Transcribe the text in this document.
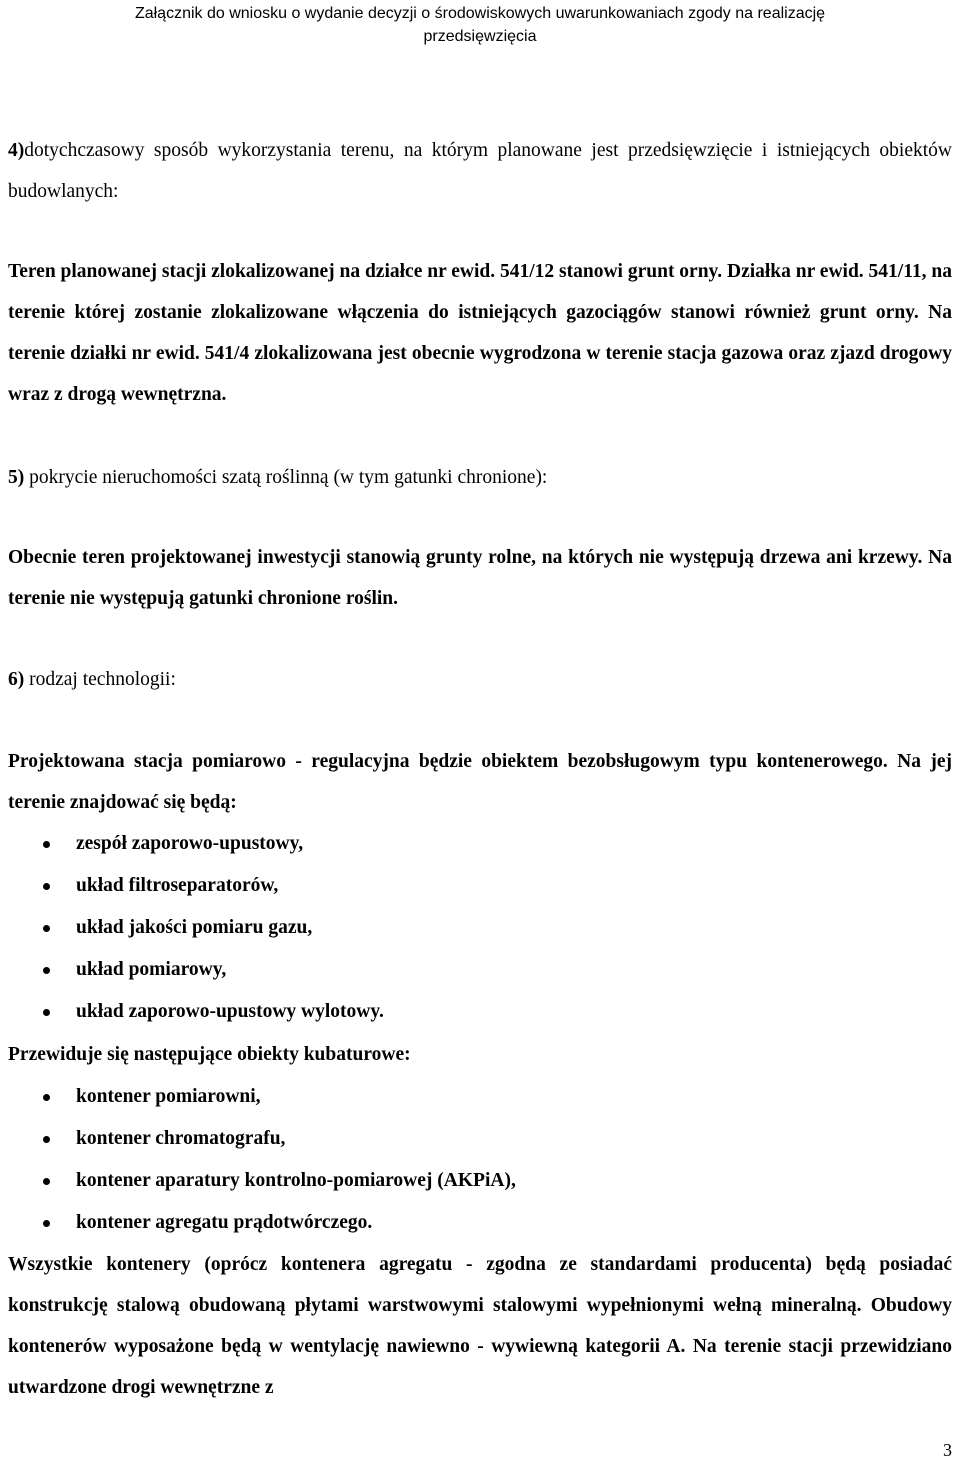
Załącznik do wniosku o wydanie decyzji o środowiskowych uwarunkowaniach zgody na realizację
przedsięwzięcia

4)dotychczasowy sposób wykorzystania terenu, na którym planowane jest przedsięwzięcie i istniejących obiektów budowlanych:

Teren planowanej stacji zlokalizowanej na działce nr ewid. 541/12 stanowi grunt orny. Działka nr ewid. 541/11, na terenie której zostanie zlokalizowane włączenia do istniejących gazociągów stanowi również grunt orny. Na terenie działki nr ewid. 541/4 zlokalizowana jest obecnie wygrodzona w terenie stacja gazowa oraz zjazd drogowy wraz z drogą wewnętrzna.

5) pokrycie nieruchomości szatą roślinną (w tym gatunki chronione):

Obecnie teren projektowanej inwestycji stanowią grunty rolne, na których nie występują drzewa ani krzewy. Na terenie nie występują gatunki chronione roślin.

6) rodzaj technologii:

Projektowana stacja pomiarowo - regulacyjna będzie obiektem bezobsługowym typu kontenerowego. Na jej terenie znajdować się będą:

zespół zaporowo-upustowy,
układ filtroseparatorów,
układ jakości pomiaru gazu,
układ pomiarowy,
układ zaporowo-upustowy wylotowy.

Przewiduje się następujące obiekty kubaturowe:

kontener pomiarowni,
kontener chromatografu,
kontener aparatury kontrolno-pomiarowej (AKPiA),
kontener agregatu prądotwórczego.

Wszystkie kontenery (oprócz kontenera agregatu - zgodna ze standardami producenta) będą posiadać konstrukcję stalową obudowaną płytami warstwowymi stalowymi wypełnionymi wełną mineralną. Obudowy kontenerów wyposażone będą w wentylację nawiewno - wywiewną kategorii A. Na terenie stacji przewidziano utwardzone drogi wewnętrzne z

3
